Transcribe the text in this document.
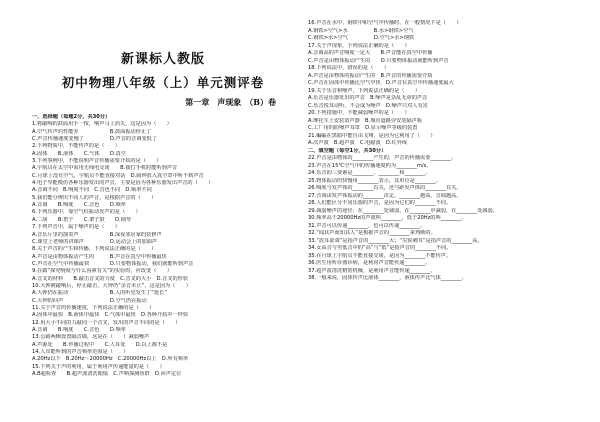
新课标人教版
初中物理八年级（上）单元测评卷
第一章　声现象　（B）卷
一、选择题（每题2分，共30分）
1.将敲响的鼓面用手一按，响声马上消失，这是因为（　　）
A.空气传声的性能差　　　　　　B.鼓面振动停止了
C.声音传播速度变慢了　　　　　D.声音的音调变低了
2.下列物质中，不能传声的是（　　）
A.固体　　B.液体　　C.气体　　D.真空
3.下列事例中，不能说明声音传播需要介质的是（　　）
A.宇航员在太空中需用无线电交谈　　B.拨打手机时能听到声音
C.月球上没有空气，宇航员不能直接对话　D.闹钟放入真空罩中听不到声音
4.电子琴能模仿各种乐器发出的声音，主要是因为各种乐器发出声音的（　　）
A.音调不同　B.响度不同　C.音色不同　D.频率不同
5.我们能分辨出不同人的声音，是根据声音的（　　）
A.音调　　B.响度　　C.音色　　D.频率
6.下列乐器中，靠空气柱振动发声的是（　　）
A.二胡　　B.笛子　　C.架子鼓　　D.钢琴
7.下列声音中，属于噪声的是（　　）
A.音乐厅里的演奏声　　　　　　B.深夜邻居家的装修声
C.课堂上老师的讲课声　　　　　D.运动会上的加油声
8.关于声音的产生和传播，下列说法正确的是（　　）
A.声音是由物体振动产生的　　　B.声音在真空中传播最快
C.声音在空气中传播最快　　　　D.只要物体振动，我们就能听到声音
9.在做“探究响度与什么因素有关”的实验时，应改变（　　）
A.音叉的材料　　B.敲击音叉的力度　C.音叉的大小　D.音叉的形状
10.大钟被敲响后，停止敲击，大钟仍“余音未止”，这是因为（　　）
A.大钟仍在振动　　　　　　　　B.人的听觉发生了“延长”
C.大钟的回声　　　　　　　　　D.空气仍在振动
11.关于声音的传播速度，下列说法正确的是（　　）
A.固体中最快　B.液体中最快　C.气体中最快　D.各种介质中一样快
12.用大小不同的力敲同一个音叉，发出的声音不同的是（　　）
A.音调　　B.响度　　C.音色　　D.频率
13.公路两侧设置隔音墙，这是在（　　）减弱噪声
A.声源处　　B.传播过程中　　C.人耳处　　D.以上都不是
14.人耳能听到的声音频率范围是（　　）
A.20Hz以下　B.20Hz～20000Hz　C.20000Hz以上　D.所有频率
15.下列关于声的利用，属于利用声传递能量的是（　　）
A.B超检查　　B.超声波清洗眼镜　C.声呐探测鱼群　D.回声定位
16.声音在水中、钢铁中和空气中传播时，在一般情况下是（　　）
A.钢铁>空气>水　　　　　B.水>钢铁>空气
C.钢铁>水>空气　　　　　D.空气>水>钢铁
17.关于声现象，下列说法正确的是（　　）
A.音调高的声音响度一定大　　B.声音能在真空中传播
C.声音是由物体振动产生的　　D.只要物体振动就能听到声音
18.下列说法中，错误的是（　　）
A.声音是由物体的振动产生的　B.声音的传播需要介质
C.声音在固体中传播比空气中快　D.声音在真空中传播速度最大
19.关于乐音和噪声，下列说法正确的是（　　）
A.乐音是乐器发出的声音　B.噪声是杂乱无章的声音
C.乐音悦耳动听，不会成为噪声　D.噪声只对人有害
20.下列措施中，不能减弱噪声的是（　　）
A.摩托车上安装消声器　B.城市道路旁安装隔声板
C.工厂用的防噪声耳罩　D.显示噪声等级的装置
21.蝙蝠在黑暗中能自由飞翔，是因为它利用了（　　）
A.次声波　B.超声波　C.电磁波　D.红外线
二、填空题（每空1分，共30分）
22.声音是由物体的________产生的，声音的传播需要________。
23.声音在15℃空气中的传播速度约为________m/s。
24.乐音的三要素是________、________和________。
25.物体振动的快慢用________表示，其单位是________。
26.响度与发声体的________有关，还与距发声体的________有关。
27.音调由发声体振动的________决定，________越高，音调越高。
28.人们能区分不同乐器的声音，是因为它们的________不同。
29.减弱噪声的途径：在________处减弱，在________中减弱，在________处减弱。
30.频率高于20000Hz的声波叫________，低于20Hz的叫________。
31.声音可以传递________，也可以传递________。
32.“闻其声而知其人”是根据声音的________来判断的。
33.“震耳欲聋”是指声音的________大；“尖锐刺耳”是指声音的________高。
34.女高音与男低音中的“高”与“低”是指声音的________不同。
35.在月球上宇航员不能直接交谈，是因为________不能传声。
36.医生用听诊器诊病，是利用声音能传递________。
37.超声波清洗精密机械，是利用声音能传递________。
38.一般来说，固体传声比液体________，液体传声比气体________。
